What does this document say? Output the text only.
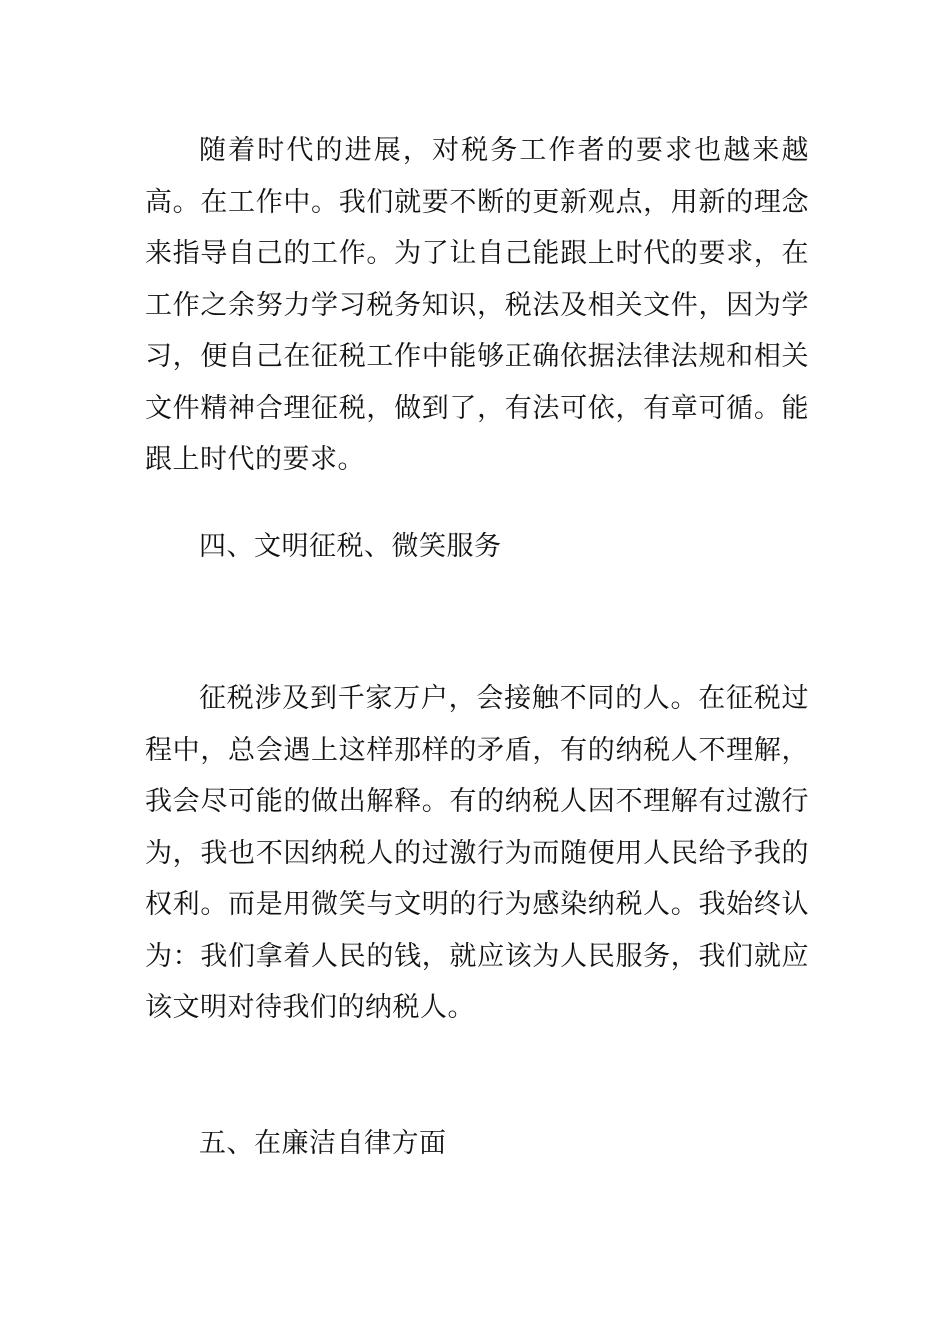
随着时代的进展，对税务工作者的要求也越来越高。在工作中。我们就要不断的更新观点，用新的理念来指导自己的工作。为了让自己能跟上时代的要求，在工作之余努力学习税务知识，税法及相关文件，因为学习，便自己在征税工作中能够正确依据法律法规和相关文件精神合理征税，做到了，有法可依，有章可循。能跟上时代的要求。

四、文明征税、微笑服务

征税涉及到千家万户，会接触不同的人。在征税过程中，总会遇上这样那样的矛盾，有的纳税人不理解，我会尽可能的做出解释。有的纳税人因不理解有过激行为，我也不因纳税人的过激行为而随便用人民给予我的权利。而是用微笑与文明的行为感染纳税人。我始终认为：我们拿着人民的钱，就应该为人民服务，我们就应该文明对待我们的纳税人。

五、在廉洁自律方面
